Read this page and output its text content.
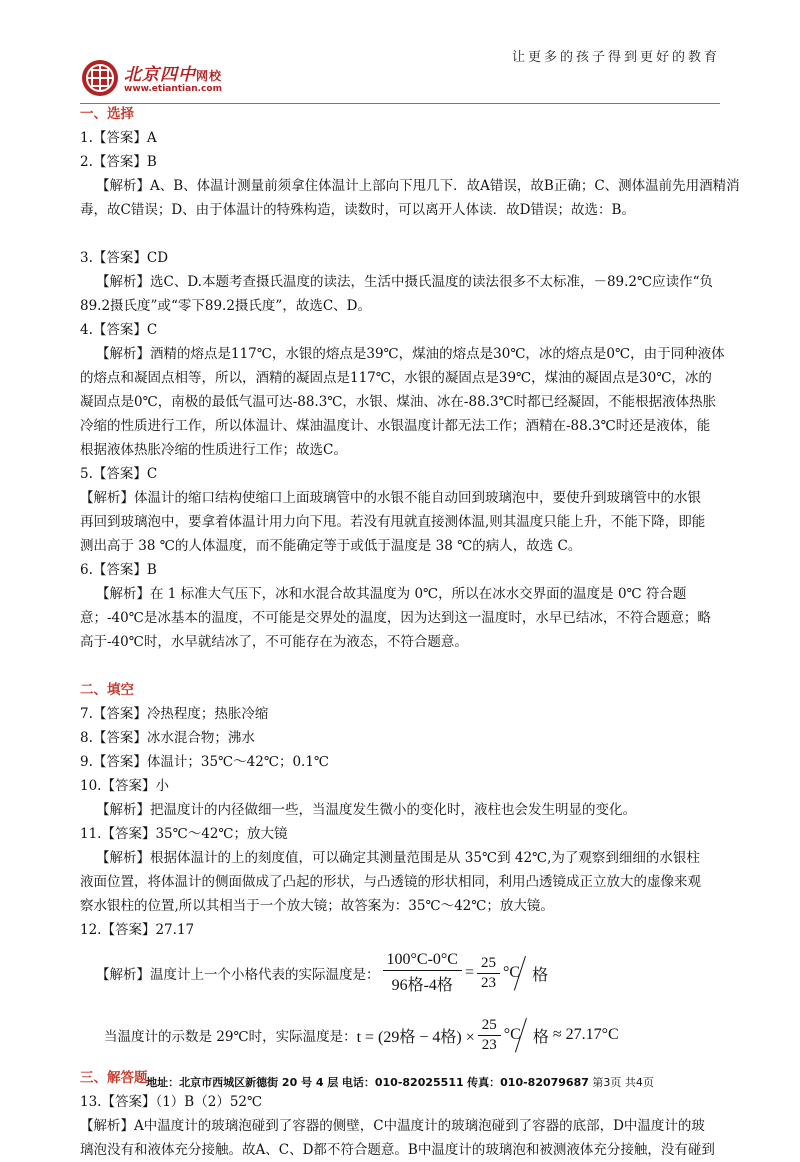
让更多的孩子得到更好的教育
北京四中网校
www.etiantian.com
一、选择
1.【答案】A
2.【答案】B
【解析】A、B、体温计测量前须拿住体温计上部向下甩几下．故A错误，故B正确；C、测体温前先用酒精消
毒，故C错误；D、由于体温计的特殊构造，读数时，可以离开人体读．故D错误；故选：B。
3.【答案】CD
【解析】选C、D.本题考查摄氏温度的读法，生活中摄氏温度的读法很多不太标准，－89.2℃应读作“负
89.2摄氏度”或“零下89.2摄氏度”，故选C、D。
4.【答案】C
【解析】酒精的熔点是117℃，水银的熔点是39℃，煤油的熔点是30℃，冰的熔点是0℃，由于同种液体
的熔点和凝固点相等，所以，酒精的凝固点是117℃，水银的凝固点是39℃，煤油的凝固点是30℃，冰的
凝固点是0℃，南极的最低气温可达-88.3℃，水银、煤油、冰在-88.3℃时都已经凝固，不能根据液体热胀
冷缩的性质进行工作，所以体温计、煤油温度计、水银温度计都无法工作；酒精在-88.3℃时还是液体，能
根据液体热胀冷缩的性质进行工作；故选C。
5.【答案】C
【解析】体温计的缩口结构使缩口上面玻璃管中的水银不能自动回到玻璃泡中，要使升到玻璃管中的水银
再回到玻璃泡中，要拿着体温计用力向下甩。若没有甩就直接测体温,则其温度只能上升，不能下降，即能
测出高于 38 ℃的人体温度，而不能确定等于或低于温度是 38 ℃的病人，故选 C。
6.【答案】B
【解析】在 1 标准大气压下，冰和水混合故其温度为 0℃，所以在冰水交界面的温度是 0℃ 符合题
意；-40℃是冰基本的温度，不可能是交界处的温度，因为达到这一温度时，水早已结冰，不符合题意；略
高于-40℃时，水早就结冰了，不可能存在为液态，不符合题意。
二、填空
7.【答案】冷热程度；热胀冷缩
8.【答案】冰水混合物；沸水
9.【答案】体温计；35℃～42℃；0.1℃
10.【答案】小
【解析】把温度计的内径做细一些，当温度发生微小的变化时，液柱也会发生明显的变化。
11.【答案】35℃～42℃；放大镜
【解析】根据体温计的上的刻度值，可以确定其测量范围是从 35℃到 42℃,为了观察到细细的水银柱
液面位置，将体温计的侧面做成了凸起的形状，与凸透镜的形状相同，利用凸透镜成正立放大的虚像来观
察水银柱的位置,所以其相当于一个放大镜；故答案为：35℃～42℃；放大镜。
12.【答案】27.17
【解析】温度计上一个小格代表的实际温度是： $\frac{100^\circ C-0^\circ C}{\text{96格-4格}} = \frac{25}{23} ^\circ C$ 格
当温度计的示数是 29℃时，实际温度是： t = (29格 − 4格) × $\frac{25}{23} ^\circ C$ 格 ≈ 27.17°C
三、解答题
13.【答案】（1）B（2）52℃
【解析】A中温度计的玻璃泡碰到了容器的侧壁，C中温度计的玻璃泡碰到了容器的底部，D中温度计的玻
璃泡没有和液体充分接触。故A、C、D都不符合题意。B中温度计的玻璃泡和被测液体充分接触，没有碰到
地址：北京市西城区新德街 20 号 4 层 电话：010-82025511 传真：010-82079687 第3页 共4页
